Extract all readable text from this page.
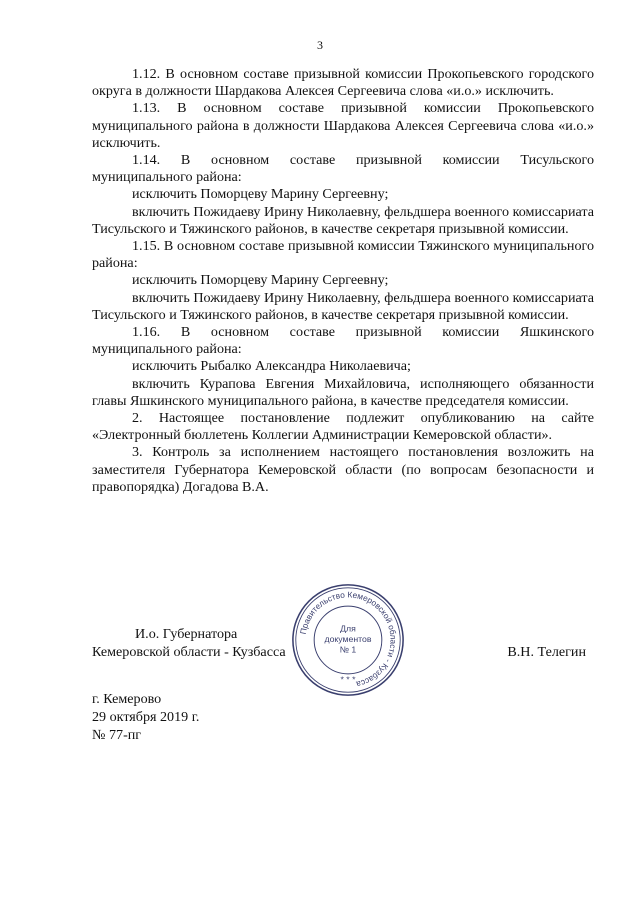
3

1.12. В основном составе призывной комиссии Прокопьевского городского округа в должности Шардакова Алексея Сергеевича слова «и.о.» исключить.

1.13. В основном составе призывной комиссии Прокопьевского муниципального района в должности Шардакова Алексея Сергеевича слова «и.о.» исключить.

1.14. В основном составе призывной комиссии Тисульского муниципального района:

исключить Поморцеву Марину Сергеевну;

включить Пожидаеву Ирину Николаевну, фельдшера военного комиссариата Тисульского и Тяжинского районов, в качестве секретаря призывной комиссии.

1.15. В основном составе призывной комиссии Тяжинского муниципального района:

исключить Поморцеву Марину Сергеевну;

включить Пожидаеву Ирину Николаевну, фельдшера военного комиссариата Тисульского и Тяжинского районов, в качестве секретаря призывной комиссии.

1.16. В основном составе призывной комиссии Яшкинского муниципального района:

исключить Рыбалко Александра Николаевича;

включить Курапова Евгения Михайловича, исполняющего обязанности главы Яшкинского муниципального района, в качестве председателя комиссии.

2. Настоящее постановление подлежит опубликованию на сайте «Электронный бюллетень Коллегии Администрации Кемеровской области».

3. Контроль за исполнением настоящего постановления возложить на заместителя Губернатора Кемеровской области (по вопросам безопасности и правопорядка) Догадова В.А.

И.о. Губернатора
Кемеровской области - Кузбасса	В.Н. Телегин
Правительство Кемеровской области - Кузбасса
Для
документов
№ 1
* * *
г. Кемерово
29 октября 2019 г.
№ 77-пг
